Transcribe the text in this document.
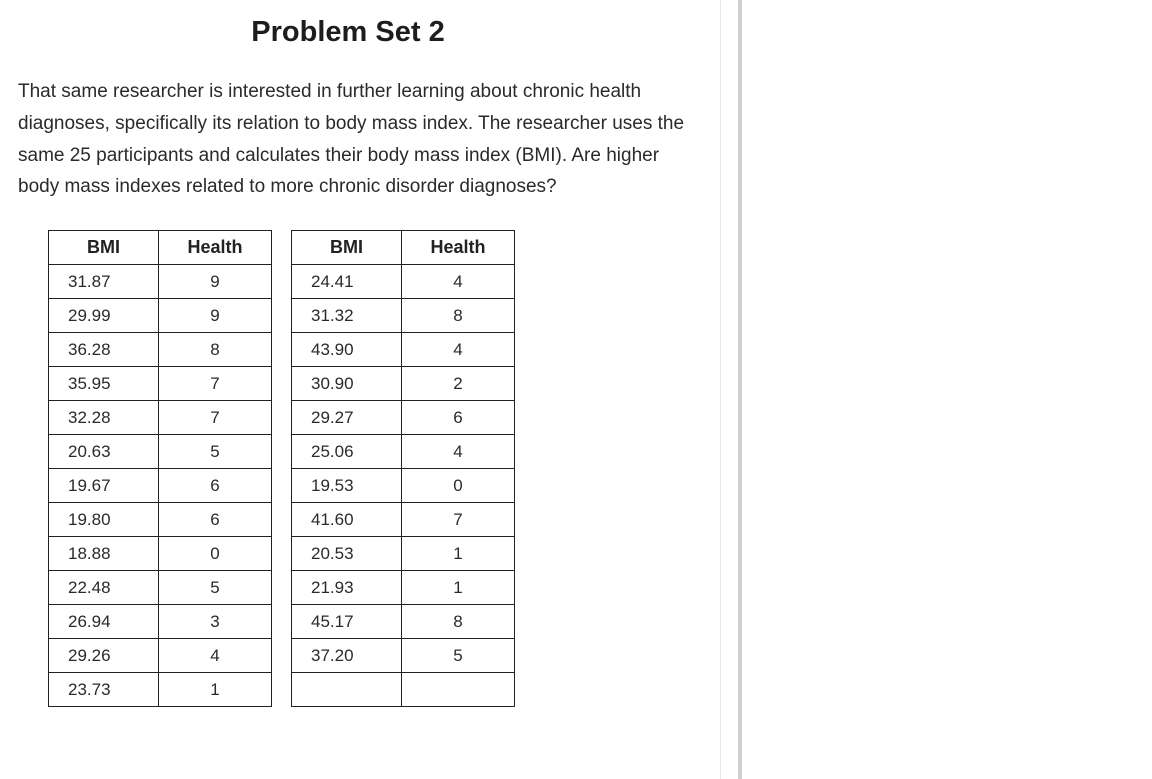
Problem Set 2

That same researcher is interested in further learning about chronic health diagnoses, specifically its relation to body mass index. The researcher uses the same 25 participants and calculates their body mass index (BMI). Are higher body mass indexes related to more chronic disorder diagnoses?

BMI	Health
31.87	9
29.99	9
36.28	8
35.95	7
32.28	7
20.63	5
19.67	6
19.80	6
18.88	0
22.48	5
26.94	3
29.26	4
23.73	1
BMI	Health
24.41	4
31.32	8
43.90	4
30.90	2
29.27	6
25.06	4
19.53	0
41.60	7
20.53	1
21.93	1
45.17	8
37.20	5
